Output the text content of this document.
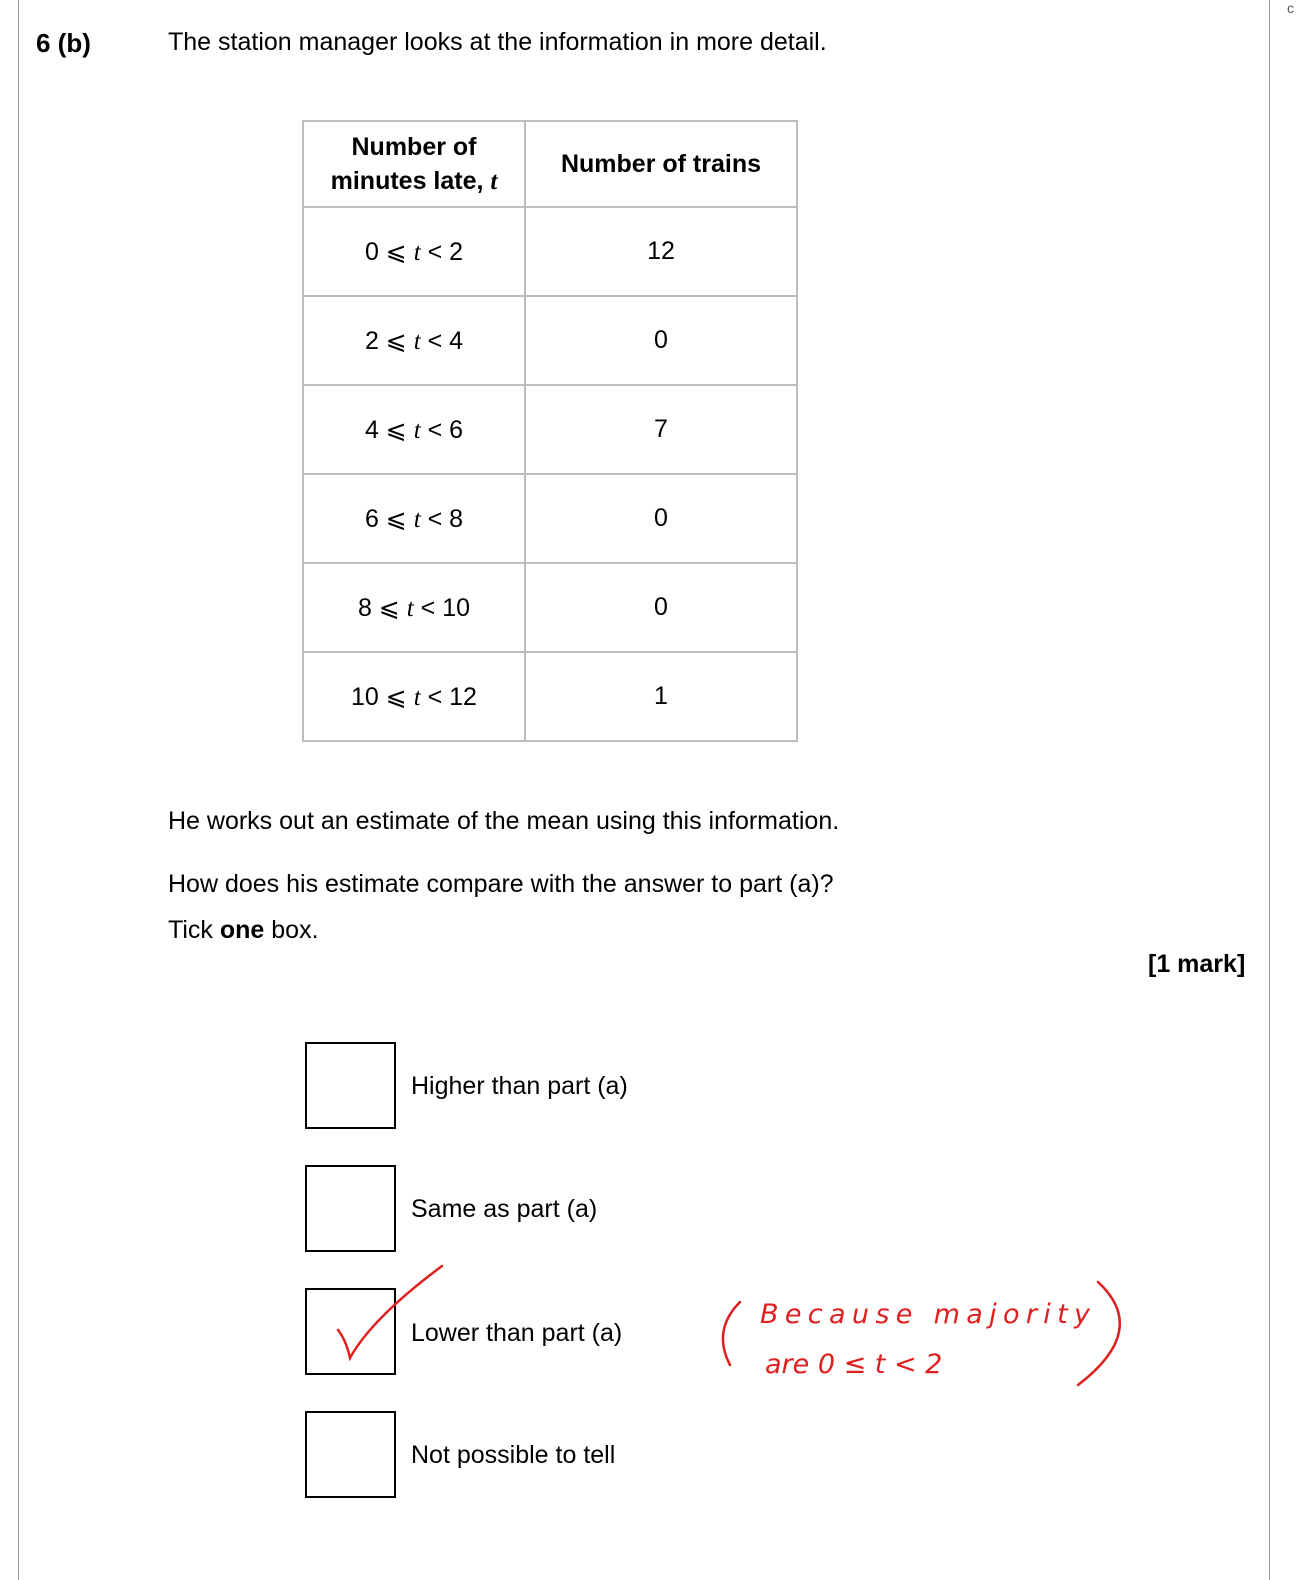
c
6 (b)	The station manager looks at the information in more detail.
Number of
minutes late, t	Number of trains
0 ⩽ t < 2	12
2 ⩽ t < 4	0
4 ⩽ t < 6	7
6 ⩽ t < 8	0
8 ⩽ t < 10	0
10 ⩽ t < 12	1
He works out an estimate of the mean using this information.
How does his estimate compare with the answer to part (a)?
Tick one box.
[1 mark]
Higher than part (a)
Same as part (a)
Lower than part (a)
Not possible to tell
Because majority
are 0 ≤ t < 2
